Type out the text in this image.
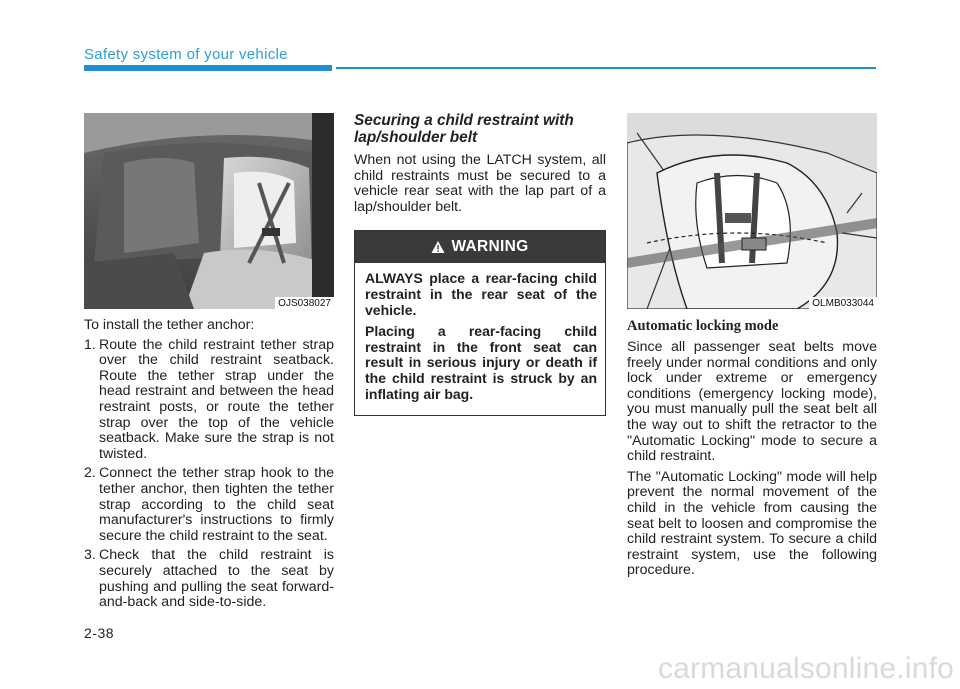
Safety system of your vehicle
OJS038027

To install the tether anchor:

1. Route the child restraint tether strap over the child restraint seatback. Route the tether strap under the head restraint and between the head restraint posts, or route the tether strap over the top of the vehicle seatback. Make sure the strap is not twisted.
2. Connect the tether strap hook to the tether anchor, then tighten the tether strap according to the child seat manufacturer's instructions to firmly secure the child restraint to the seat.
3. Check that the child restraint is securely attached to the seat by pushing and pulling the seat forward-and-back and side-to-side.
Securing a child restraint with lap/shoulder belt

When not using the LATCH system, all child restraints must be secured to a vehicle rear seat with the lap part of a lap/shoulder belt.

WARNING

ALWAYS place a rear-facing child restraint in the rear seat of the vehicle.

Placing a rear-facing child restraint in the front seat can result in serious injury or death if the child restraint is struck by an inflating air bag.

OLMB033044
Automatic locking mode

Since all passenger seat belts move freely under normal conditions and only lock under extreme or emergency conditions (emergency locking mode), you must manually pull the seat belt all the way out to shift the retractor to the "Automatic Locking" mode to secure a child restraint.

The "Automatic Locking" mode will help prevent the normal movement of the child in the vehicle from causing the seat belt to loosen and compromise the child restraint system. To secure a child restraint system, use the following procedure.

2-38
carmanualsonline.info
